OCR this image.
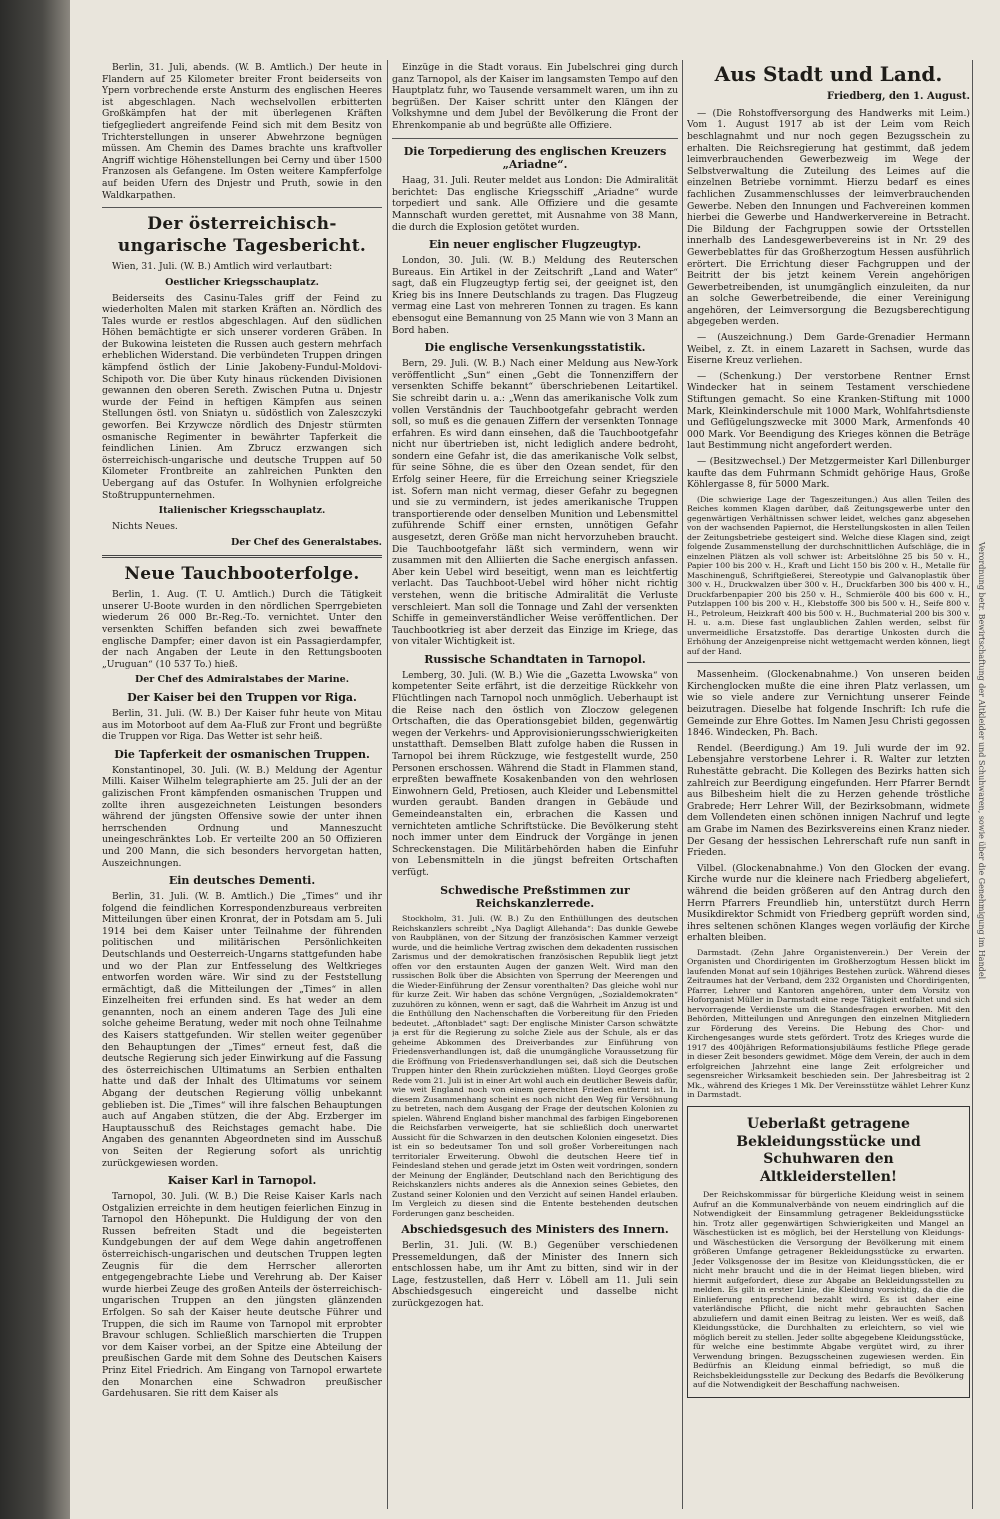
Berlin, 31. Juli, abends. (W. B. Amtlich.) Der heute in Flandern auf 25 Kilometer breiter Front beiderseits von Ypern vorbrechende erste Ansturm des englischen Heeres ist abgeschlagen. Nach wechselvollen erbitterten Großkämpfen hat der mit überlegenen Kräften tiefgegliedert angreifende Feind sich mit dem Besitz von Trichterstellungen in unserer Abwehrzone begnügen müssen. Am Chemin des Dames brachte uns kraftvoller Angriff wichtige Höhenstellungen bei Cerny und über 1500 Franzosen als Gefangene. Im Osten weitere Kampferfolge auf beiden Ufern des Dnjestr und Pruth, sowie in den Waldkarpathen.

Der österreichisch-ungarische Tagesbericht.

Wien, 31. Juli. (W. B.) Amtlich wird verlautbart:

Oestlicher Kriegsschauplatz.

Beiderseits des Casinu-Tales griff der Feind zu wiederholten Malen mit starken Kräften an. Nördlich des Tales wurde er restlos abgeschlagen. Auf den südlichen Höhen bemächtigte er sich unserer vorderen Gräben. In der Bukowina leisteten die Russen auch gestern mehrfach erheblichen Widerstand. Die verbündeten Truppen dringen kämpfend östlich der Linie Jakobeny-Fundul-Moldovi-Schipoth vor. Die über Kuty hinaus rückenden Divisionen gewannen den oberen Sereth. Zwischen Putna u. Dnjestr wurde der Feind in heftigen Kämpfen aus seinen Stellungen östl. von Sniatyn u. südöstlich von Zaleszczyki geworfen. Bei Krzywcze nördlich des Dnjestr stürmten osmanische Regimenter in bewährter Tapferkeit die feindlichen Linien. Am Zbrucz erzwangen sich österreichisch-ungarische und deutsche Truppen auf 50 Kilometer Frontbreite an zahlreichen Punkten den Uebergang auf das Ostufer. In Wolhynien erfolgreiche Stoßtruppunternehmen.

Italienischer Kriegsschauplatz.

Nichts Neues.

Der Chef des Generalstabes.
Neue Tauchbooterfolge.

Berlin, 1. Aug. (T. U. Amtlich.) Durch die Tätigkeit unserer U-Boote wurden in den nördlichen Sperrgebieten wiederum 26 000 Br.-Reg.-To. vernichtet. Unter den versenkten Schiffen befanden sich zwei bewaffnete englische Dampfer; einer davon ist ein Passagierdampfer, der nach Angaben der Leute in den Rettungsbooten „Uruguan“ (10 537 To.) hieß.

Der Chef des Admiralstabes der Marine.
Der Kaiser bei den Truppen vor Riga.

Berlin, 31. Juli. (W. B.) Der Kaiser fuhr heute von Mitau aus im Motorboot auf dem Aa-Fluß zur Front und begrüßte die Truppen vor Riga. Das Wetter ist sehr heiß.

Die Tapferkeit der osmanischen Truppen.

Konstantinopel, 30. Juli. (W. B.) Meldung der Agentur Milli. Kaiser Wilhelm telegraphierte am 25. Juli der an der galizischen Front kämpfenden osmanischen Truppen und zollte ihren ausgezeichneten Leistungen besonders während der jüngsten Offensive sowie der unter ihnen herrschenden Ordnung und Manneszucht uneingeschränktes Lob. Er verteilte 200 an 50 Offizieren und 200 Mann, die sich besonders hervorgetan hatten, Auszeichnungen.

Ein deutsches Dementi.

Berlin, 31. Juli. (W. B. Amtlich.) Die „Times“ und ihr folgend die feindlichen Korrespondenzbureaus verbreiten Mitteilungen über einen Kronrat, der in Potsdam am 5. Juli 1914 bei dem Kaiser unter Teilnahme der führenden politischen und militärischen Persönlichkeiten Deutschlands und Oesterreich-Ungarns stattgefunden habe und wo der Plan zur Entfesselung des Weltkrieges entworfen worden wäre. Wir sind zu der Feststellung ermächtigt, daß die Mitteilungen der „Times“ in allen Einzelheiten frei erfunden sind. Es hat weder an dem genannten, noch an einem anderen Tage des Juli eine solche geheime Beratung, weder mit noch ohne Teilnahme des Kaisers stattgefunden. Wir stellen weiter gegenüber den Behauptungen der „Times“ erneut fest, daß die deutsche Regierung sich jeder Einwirkung auf die Fassung des österreichischen Ultimatums an Serbien enthalten hatte und daß der Inhalt des Ultimatums vor seinem Abgang der deutschen Regierung völlig unbekannt geblieben ist. Die „Times“ will ihre falschen Behauptungen auch auf Angaben stützen, die der Abg. Erzberger im Hauptausschuß des Reichstages gemacht habe. Die Angaben des genannten Abgeordneten sind im Ausschuß von Seiten der Regierung sofort als unrichtig zurückgewiesen worden.

Kaiser Karl in Tarnopol.

Tarnopol, 30. Juli. (W. B.) Die Reise Kaiser Karls nach Ostgalizien erreichte in dem heutigen feierlichen Einzug in Tarnopol den Höhepunkt. Die Huldigung der von den Russen befreiten Stadt und die begeisterten Kundgebungen der auf dem Wege dahin angetroffenen österreichisch-ungarischen und deutschen Truppen legten Zeugnis für die dem Herrscher allerorten entgegengebrachte Liebe und Verehrung ab. Der Kaiser wurde hierbei Zeuge des großen Anteils der österreichisch-ungarischen Truppen an den jüngsten glänzenden Erfolgen. So sah der Kaiser heute deutsche Führer und Truppen, die sich im Raume von Tarnopol mit erprobter Bravour schlugen. Schließlich marschierten die Truppen vor dem Kaiser vorbei, an der Spitze eine Abteilung der preußischen Garde mit dem Sohne des Deutschen Kaisers Prinz Eitel Friedrich. Am Eingang von Tarnopol erwartete den Monarchen eine Schwadron preußischer Gardehusaren. Sie ritt dem Kaiser als

Einzüge in die Stadt voraus. Ein Jubelschrei ging durch ganz Tarnopol, als der Kaiser im langsamsten Tempo auf den Hauptplatz fuhr, wo Tausende versammelt waren, um ihn zu begrüßen. Der Kaiser schritt unter den Klängen der Volkshymne und dem Jubel der Bevölkerung die Front der Ehrenkompanie ab und begrüßte alle Offiziere.

Die Torpedierung des englischen Kreuzers „Ariadne“.

Haag, 31. Juli. Reuter meldet aus London: Die Admiralität berichtet: Das englische Kriegsschiff „Ariadne“ wurde torpediert und sank. Alle Offiziere und die gesamte Mannschaft wurden gerettet, mit Ausnahme von 38 Mann, die durch die Explosion getötet wurden.

Ein neuer englischer Flugzeugtyp.

London, 30. Juli. (W. B.) Meldung des Reuterschen Bureaus. Ein Artikel in der Zeitschrift „Land and Water“ sagt, daß ein Flugzeugtyp fertig sei, der geeignet ist, den Krieg bis ins Innere Deutschlands zu tragen. Das Flugzeug vermag eine Last von mehreren Tonnen zu tragen. Es kann ebensogut eine Bemannung von 25 Mann wie von 3 Mann an Bord haben.

Die englische Versenkungsstatistik.

Bern, 29. Juli. (W. B.) Nach einer Meldung aus New-York veröffentlicht „Sun“ einen „Gebt die Tonnenziffern der versenkten Schiffe bekannt“ überschriebenen Leitartikel. Sie schreibt darin u. a.: „Wenn das amerikanische Volk zum vollen Verständnis der Tauchbootgefahr gebracht werden soll, so muß es die genauen Ziffern der versenkten Tonnage erfahren. Es wird dann einsehen, daß die Tauchbootgefahr nicht nur übertrieben ist, nicht lediglich andere bedroht, sondern eine Gefahr ist, die das amerikanische Volk selbst, für seine Söhne, die es über den Ozean sendet, für den Erfolg seiner Heere, für die Erreichung seiner Kriegsziele ist. Sofern man nicht vermag, dieser Gefahr zu begegnen und sie zu vermindern, ist jedes amerikanische Truppen transportierende oder denselben Munition und Lebensmittel zuführende Schiff einer ernsten, unnötigen Gefahr ausgesetzt, deren Größe man nicht hervorzuheben braucht. Die Tauchbootgefahr läßt sich vermindern, wenn wir zusammen mit den Alliierten die Sache energisch anfassen. Aber kein Uebel wird beseitigt, wenn man es leichtfertig verlacht. Das Tauchboot-Uebel wird höher nicht richtig verstehen, wenn die britische Admiralität die Verluste verschleiert. Man soll die Tonnage und Zahl der versenkten Schiffe in gemeinverständlicher Weise veröffentlichen. Der Tauchbootkrieg ist aber derzeit das Einzige im Kriege, das von vitaler Wichtigkeit ist.

Russische Schandtaten in Tarnopol.

Lemberg, 30. Juli. (W. B.) Wie die „Gazetta Lwowska“ von kompetenter Seite erfährt, ist die derzeitige Rückkehr von Flüchtlingen nach Tarnopol noch unmöglich. Ueberhaupt ist die Reise nach den östlich von Zloczow gelegenen Ortschaften, die das Operationsgebiet bilden, gegenwärtig wegen der Verkehrs- und Approvisionierungsschwierigkeiten unstatthaft. Demselben Blatt zufolge haben die Russen in Tarnopol bei ihrem Rückzuge, wie festgestellt wurde, 250 Personen erschossen. Während die Stadt in Flammen stand, erpreßten bewaffnete Kosakenbanden von den wehrlosen Einwohnern Geld, Pretiosen, auch Kleider und Lebensmittel wurden geraubt. Banden drangen in Gebäude und Gemeindeanstalten ein, erbrachen die Kassen und vernichteten amtliche Schriftstücke. Die Bevölkerung steht noch immer unter dem Eindruck der Vorgänge in jenen Schreckenstagen. Die Militärbehörden haben die Einfuhr von Lebensmitteln in die jüngst befreiten Ortschaften verfügt.

Schwedische Preßstimmen zur Reichskanzlerrede.

Stockholm, 31. Juli. (W. B.) Zu den Enthüllungen des deutschen Reichskanzlers schreibt „Nya Dagligt Allehanda“: Das dunkle Gewebe von Raubplänen, von der Sitzung der französischen Kammer verzeigt wurde, und die heimliche Vertrag zwischen dem dekadenten russischen Zarismus und der demokratischen französischen Republik liegt jetzt offen vor den erstaunten Augen der ganzen Welt. Wird man den russischen Bolk über die Absichten von Sperrung der Meerengen und die Wieder-Einführung der Zensur vorenthalten? Das gleiche wohl nur für kurze Zeit. Wir haben das schöne Vergnügen, „Sozialdemokraten“ zuzuhören zu können, wenn er sagt, daß die Wahrheit im Anzug ist und die Enthüllung den Nachenschaften die Vorbereitung für den Frieden bedeutet. „Aftonbladet“ sagt: Der englische Minister Carson schwätzte ja erst für die Regierung zu solche Ziele aus der Schule, als er das geheime Abkommen des Dreiverbandes zur Einführung von Friedensverhandlungen ist, daß die unumgängliche Voraussetzung für die Eröffnung von Friedensverhandlungen sei, daß sich die Deutschen Truppen hinter den Rhein zurückziehen müßten. Lloyd Georges große Rede vom 21. Juli ist in einer Art wohl auch ein deutlicher Beweis dafür, wie weit England noch von einem gerechten Frieden entfernt ist. In diesem Zusammenhang scheint es noch nicht den Weg für Versöhnung zu betreten, nach dem Ausgang der Frage der deutschen Kolonien zu spielen. Während England bisher manchmal des farbigen Eingeborenen die Reichsfarben verweigerte, hat sie schließlich doch unerwartet Aussicht für die Schwarzen in den deutschen Kolonien eingesetzt. Dies ist ein so bedeutsamer Ton und soll großer Vorbereitungen nach territorialer Erweiterung. Obwohl die deutschen Heere tief in Feindesland stehen und gerade jetzt im Osten weit vordringen, sondern der Meinung der Engländer, Deutschland nach den Berichtigung des Reichskanzlers nichts anderes als die Annexion seines Gebietes, den Zustand seiner Kolonien und den Verzicht auf seinen Handel erlauben. Im Vergleich zu diesen sind die Entente bestehenden deutschen Forderungen ganz bescheiden.

Abschiedsgesuch des Ministers des Innern.

Berlin, 31. Juli. (W. B.) Gegenüber verschiedenen Pressemeldungen, daß der Minister des Innern sich entschlossen habe, um ihr Amt zu bitten, sind wir in der Lage, festzustellen, daß Herr v. Löbell am 11. Juli sein Abschiedsgesuch eingereicht und dasselbe nicht zurückgezogen hat.

Aus Stadt und Land.
Friedberg, den 1. August.

— (Die Rohstoffversorgung des Handwerks mit Leim.) Vom 1. August 1917 ab ist der Leim vom Reich beschlagnahmt und nur noch gegen Bezugsschein zu erhalten. Die Reichsregierung hat gestimmt, daß jedem leimverbrauchenden Gewerbezweig im Wege der Selbstverwaltung die Zuteilung des Leimes auf die einzelnen Betriebe vornimmt. Hierzu bedarf es eines fachlichen Zusammenschlusses der leimverbrauchenden Gewerbe. Neben den Innungen und Fachvereinen kommen hierbei die Gewerbe und Handwerkervereine in Betracht. Die Bildung der Fachgruppen sowie der Ortsstellen innerhalb des Landesgewerbevereins ist in Nr. 29 des Gewerbeblattes für das Großherzogtum Hessen ausführlich erörtert. Die Errichtung dieser Fachgruppen und der Beitritt der bis jetzt keinem Verein angehörigen Gewerbetreibenden, ist unumgänglich einzuleiten, da nur an solche Gewerbetreibende, die einer Vereinigung angehören, der Leimversorgung die Bezugsberechtigung abgegeben werden.

— (Auszeichnung.) Dem Garde-Grenadier Hermann Weibel, z. Zt. in einem Lazarett in Sachsen, wurde das Eiserne Kreuz verliehen.

— (Schenkung.) Der verstorbene Rentner Ernst Windecker hat in seinem Testament verschiedene Stiftungen gemacht. So eine Kranken-Stiftung mit 1000 Mark, Kleinkinderschule mit 1000 Mark, Wohlfahrtsdienste und Geflügelungszwecke mit 3000 Mark, Armenfonds 40 000 Mark. Vor Beendigung des Krieges können die Beträge laut Bestimmung nicht angefordert werden.

— (Besitzwechsel.) Der Metzgermeister Karl Dillenburger kaufte das dem Fuhrmann Schmidt gehörige Haus, Große Köhlergasse 8, für 5000 Mark.

(Die schwierige Lage der Tageszeitungen.) Aus allen Teilen des Reiches kommen Klagen darüber, daß Zeitungsgewerbe unter den gegenwärtigen Verhältnissen schwer leidet, welches ganz abgesehen von der wachsenden Papiernot, die Herstellungskosten in allen Teilen der Zeitungsbetriebe gesteigert sind. Welche diese Klagen sind, zeigt folgende Zusammenstellung der durchschnittlichen Aufschläge, die in einzelnen Plätzen als voll schwer ist: Arbeitslöhne 25 bis 50 v. H., Papier 100 bis 200 v. H., Kraft und Licht 150 bis 200 v. H., Metalle für Maschinenguß, Schriftgießerei, Stereotypie und Galvanoplastik über 300 v. H., Druckwalzen über 300 v. H., Druckfarben 300 bis 400 v. H., Druckfarbenpapier 200 bis 250 v. H., Schmieröle 400 bis 600 v. H., Putzlappen 100 bis 200 v. H., Klebstoffe 300 bis 500 v. H., Seife 800 v. H., Petroleum, Heizkraft 400 bis 500 v. H., Buchmaterial 200 bis 300 v. H. u. a.m. Diese fast unglaublichen Zahlen werden, selbst für unvermeidliche Ersatzstoffe. Das derartige Unkosten durch die Erhöhung der Anzeigenpreise nicht wettgemacht werden können, liegt auf der Hand.

Massenheim. (Glockenabnahme.) Von unseren beiden Kirchenglocken mußte die eine ihren Platz verlassen, um wie so viele andere zur Vernichtung unserer Feinde beizutragen. Dieselbe hat folgende Inschrift: Ich rufe die Gemeinde zur Ehre Gottes. Im Namen Jesu Christi gegossen 1846. Windecken, Ph. Bach.

Rendel. (Beerdigung.) Am 19. Juli wurde der im 92. Lebensjahre verstorbene Lehrer i. R. Walter zur letzten Ruhestätte gebracht. Die Kollegen des Bezirks hatten sich zahlreich zur Beerdigung eingefunden. Herr Pfarrer Berndt aus Bilbesheim hielt die zu Herzen gehende tröstliche Grabrede; Herr Lehrer Will, der Bezirksobmann, widmete dem Vollendeten einen schönen innigen Nachruf und legte am Grabe im Namen des Bezirksvereins einen Kranz nieder. Der Gesang der hessischen Lehrerschaft rufe nun sanft in Frieden.

Vilbel. (Glockenabnahme.) Von den Glocken der evang. Kirche wurde nur die kleinere nach Friedberg abgeliefert, während die beiden größeren auf den Antrag durch den Herrn Pfarrers Freundlieb hin, unterstützt durch Herrn Musikdirektor Schmidt von Friedberg geprüft worden sind, ihres seltenen schönen Klanges wegen vorläufig der Kirche erhalten bleiben.

Darmstadt. (Zehn Jahre Organistenverein.) Der Verein der Organisten und Chordirigenten im Großherzogtum Hessen blickt im laufenden Monat auf sein 10jähriges Bestehen zurück. Während dieses Zeitraumes hat der Verband, dem 232 Organisten und Chordirigenten, Pfarrer, Lehrer und Kantoren angehören, unter dem Vorsitz von Hoforganist Müller in Darmstadt eine rege Tätigkeit entfaltet und sich hervorragende Verdienste um die Standesfragen erworben. Mit den Behörden, Mitteilungen und Anregungen den einzelnen Mitgliedern zur Förderung des Vereins. Die Hebung des Chor- und Kirchengesanges wurde stets gefördert. Trotz des Krieges wurde die 1917 des 400jährigen Reformationsjubiläums festliche Pflege gerade in dieser Zeit besonders gewidmet. Möge dem Verein, der auch in dem erfolgreichen Jahrzehnt eine lange Zeit erfolgreicher und segensreicher Wirksamkeit beschieden sein. Der Jahresbeitrag ist 2 Mk., während des Krieges 1 Mk. Der Vereinsstütze wählet Lehrer Kunz in Darmstadt.

Ueberlaßt getragene Bekleidungsstücke und Schuhwaren den Altkleiderstellen!

Der Reichskommissar für bürgerliche Kleidung weist in seinem Aufruf an die Kommunalverbände von neuem eindringlich auf die Notwendigkeit der Einsammlung getragener Bekleidungsstücke hin. Trotz aller gegenwärtigen Schwierigkeiten und Mangel an Wäschestücken ist es möglich, bei der Herstellung von Kleidungs- und Wäschestücken die Versorgung der Bevölkerung mit einem größeren Umfange getragener Bekleidungsstücke zu erwarten. Jeder Volksgenosse der im Besitze von Kleidungsstücken, die er nicht mehr braucht und die in der Heimat liegen blieben, wird hiermit aufgefordert, diese zur Abgabe an Bekleidungsstellen zu melden. Es gilt in erster Linie, die Kleidung vorsichtig, da die die Einlieferung entsprechend bezahlt wird. Es ist daher eine vaterländische Pflicht, die nicht mehr gebrauchten Sachen abzuliefern und damit einen Beitrag zu leisten. Wer es weiß, daß Kleidungsstücke, die Durchhalten zu erleichtern, so viel wie möglich bereit zu stellen. Jeder sollte abgegebene Kleidungsstücke, für welche eine bestimmte Abgabe vergütet wird, zu ihrer Verwendung bringen. Bezugsscheinen zugewiesen werden. Ein Bedürfnis an Kleidung einmal befriedigt, so muß die Reichsbekleidungsstelle zur Deckung des Bedarfs die Bevölkerung auf die Notwendigkeit der Beschaffung nachweisen.

Verordnung betr. Bewirtschaftung der Altkleider und Schuhwaren, sowie über die Genehmigung im Handel
